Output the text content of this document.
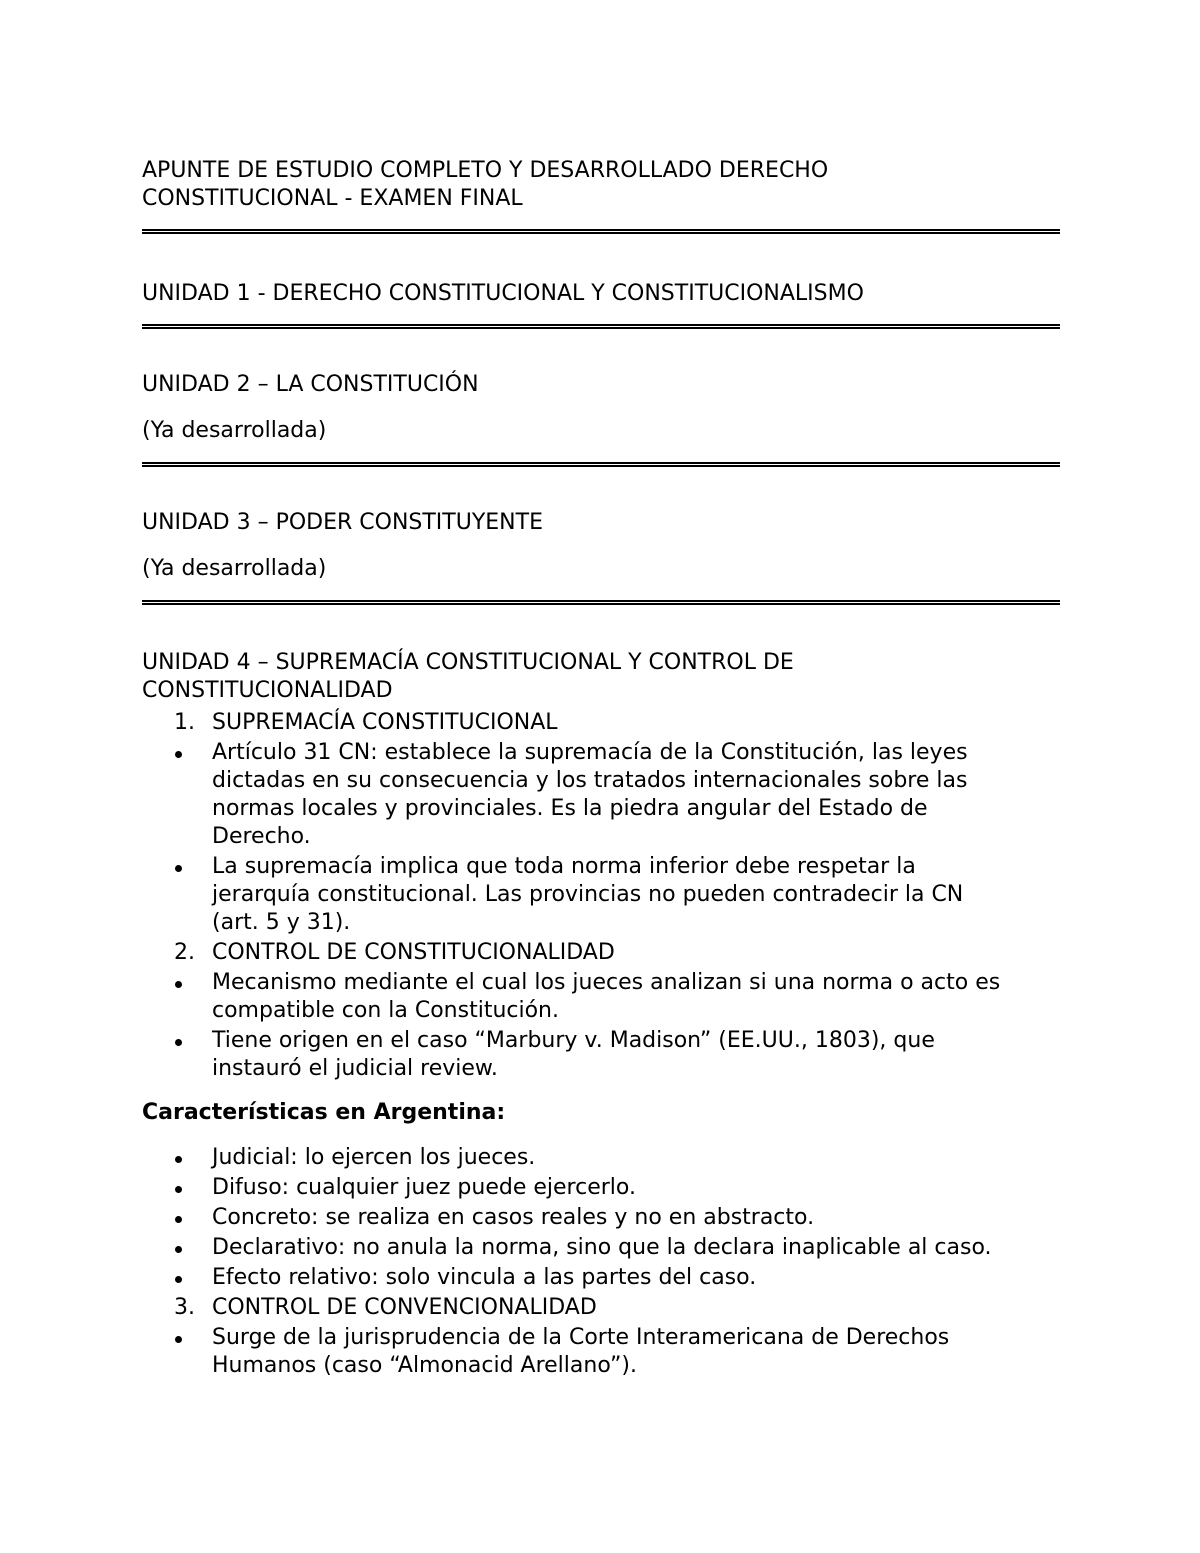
APUNTE DE ESTUDIO COMPLETO Y DESARROLLADO DERECHO
CONSTITUCIONAL - EXAMEN FINAL

UNIDAD 1 - DERECHO CONSTITUCIONAL Y CONSTITUCIONALISMO

UNIDAD 2 – LA CONSTITUCIÓN

(Ya desarrollada)

UNIDAD 3 – PODER CONSTITUYENTE

(Ya desarrollada)

UNIDAD 4 – SUPREMACÍA CONSTITUCIONAL Y CONTROL DE
CONSTITUCIONALIDAD

1. SUPREMACÍA CONSTITUCIONAL
Artículo 31 CN: establece la supremacía de la Constitución, las leyes
dictadas en su consecuencia y los tratados internacionales sobre las
normas locales y provinciales. Es la piedra angular del Estado de
Derecho.
La supremacía implica que toda norma inferior debe respetar la
jerarquía constitucional. Las provincias no pueden contradecir la CN
(art. 5 y 31).
2. CONTROL DE CONSTITUCIONALIDAD
Mecanismo mediante el cual los jueces analizan si una norma o acto es
compatible con la Constitución.
Tiene origen en el caso “Marbury v. Madison” (EE.UU., 1803), que
instauró el judicial review.

Características en Argentina:

Judicial: lo ejercen los jueces.
Difuso: cualquier juez puede ejercerlo.
Concreto: se realiza en casos reales y no en abstracto.
Declarativo: no anula la norma, sino que la declara inaplicable al caso.
Efecto relativo: solo vincula a las partes del caso.
3. CONTROL DE CONVENCIONALIDAD
Surge de la jurisprudencia de la Corte Interamericana de Derechos
Humanos (caso “Almonacid Arellano”).
